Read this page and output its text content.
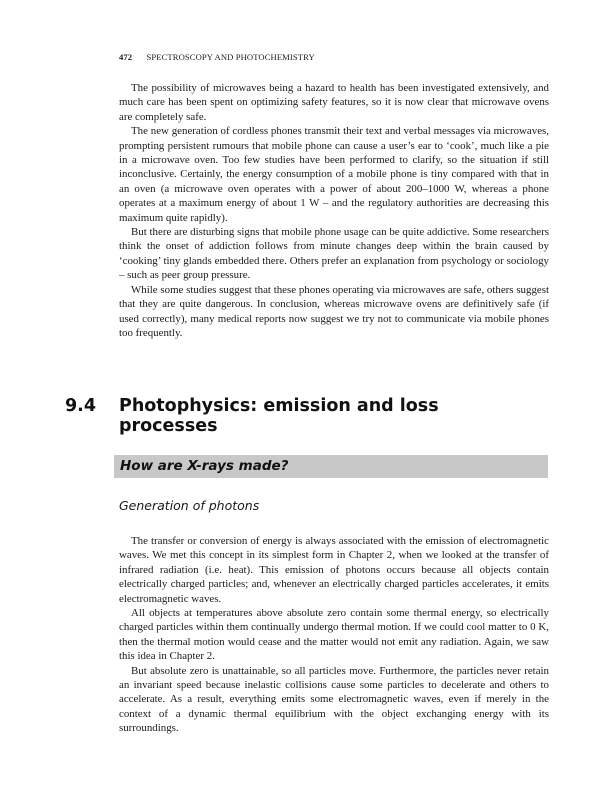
472 SPECTROSCOPY AND PHOTOCHEMISTRY

The possibility of microwaves being a hazard to health has been investigated extensively, and much care has been spent on optimizing safety features, so it is now clear that microwave ovens are completely safe.

The new generation of cordless phones transmit their text and verbal messages via microwaves, prompting persistent rumours that mobile phone can cause a user’s ear to ‘cook’, much like a pie in a microwave oven. Too few studies have been performed to clarify, so the situation if still inconclusive. Certainly, the energy consumption of a mobile phone is tiny compared with that in an oven (a microwave oven operates with a power of about 200–1000 W, whereas a phone operates at a maximum energy of about 1 W – and the regulatory authorities are decreasing this maximum quite rapidly).

But there are disturbing signs that mobile phone usage can be quite addictive. Some researchers think the onset of addiction follows from minute changes deep within the brain caused by ‘cooking’ tiny glands embedded there. Others prefer an explanation from psychology or sociology – such as peer group pressure.

While some studies suggest that these phones operating via microwaves are safe, others suggest that they are quite dangerous. In conclusion, whereas microwave ovens are definitively safe (if used correctly), many medical reports now suggest we try not to communicate via mobile phones too frequently.

9.4 Photophysics: emission and loss processes
How are X-rays made?
Generation of photons

The transfer or conversion of energy is always associated with the emission of electromagnetic waves. We met this concept in its simplest form in Chapter 2, when we looked at the transfer of infrared radiation (i.e. heat). This emission of photons occurs because all objects contain electrically charged particles; and, whenever an electrically charged particles accelerates, it emits electromagnetic waves.

All objects at temperatures above absolute zero contain some thermal energy, so electrically charged particles within them continually undergo thermal motion. If we could cool matter to 0 K, then the thermal motion would cease and the matter would not emit any radiation. Again, we saw this idea in Chapter 2.

But absolute zero is unattainable, so all particles move. Furthermore, the particles never retain an invariant speed because inelastic collisions cause some particles to decelerate and others to accelerate. As a result, everything emits some electromagnetic waves, even if merely in the context of a dynamic thermal equilibrium with the object exchanging energy with its surroundings.
